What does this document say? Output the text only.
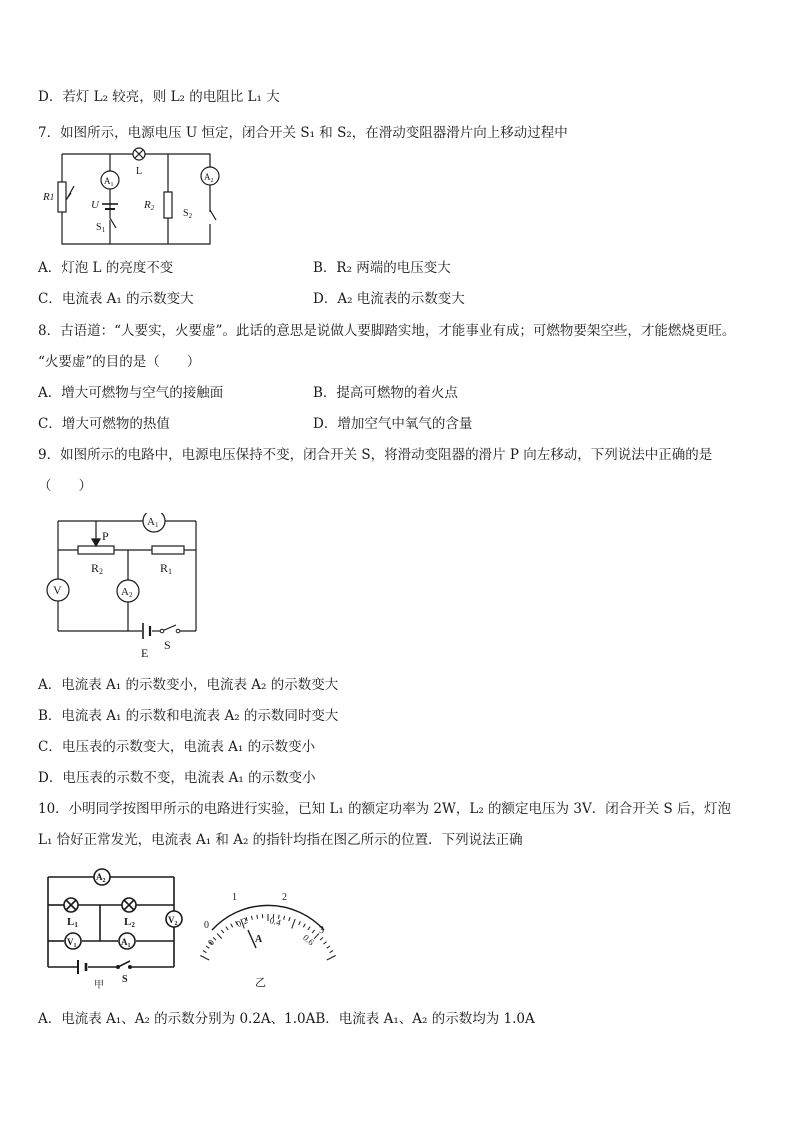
D．若灯 L₂ 较亮，则 L₂ 的电阻比 L₁ 大
7．如图所示，电源电压 U 恒定，闭合开关 S₁ 和 S₂，在滑动变阻器滑片向上移动过程中
R1
$A_1$
U
$S_1$
L
R2
$A_2$
$S_2$
A．灯泡 L 的亮度不变	B．R₂ 两端的电压变大
C．电流表 A₁ 的示数变大	D．A₂ 电流表的示数变大
8．古语道：“人要实，火要虚”。此话的意思是说做人要脚踏实地，才能事业有成；可燃物要架空些，才能燃烧更旺。
“火要虚”的目的是（　　）
A．增大可燃物与空气的接触面	B．提高可燃物的着火点
C．增大可燃物的热值	D．增加空气中氧气的含量
9．如图所示的电路中，电源电压保持不变，闭合开关 S，将滑动变阻器的滑片 P 向左移动，下列说法中正确的是
（　　）
A1
V	A2
P
R2	R1
S
E
A．电流表 A₁ 的示数变小，电流表 A₂ 的示数变大
B．电流表 A₁ 的示数和电流表 A₂ 的示数同时变大
C．电压表的示数变大，电流表 A₁ 的示数变小
D．电压表的示数不变，电流表 A₁ 的示数变小
10．小明同学按图甲所示的电路进行实验，已知 L₁ 的额定功率为 2W，L₂ 的额定电压为 3V．闭合开关 S 后，灯泡
L₁ 恰好正常发光，电流表 A₁ 和 A₂ 的指针均指在图乙所示的位置．下列说法正确
$A_2$
L1	L2	$V_2$
$V_1$	$A_1$
S
甲
1	2
3
0
0
0.2 0.4
0.6
A
乙
A．电流表 A₁、A₂ 的示数分别为 0.2A、1.0AB．电流表 A₁、A₂ 的示数均为 1.0A
